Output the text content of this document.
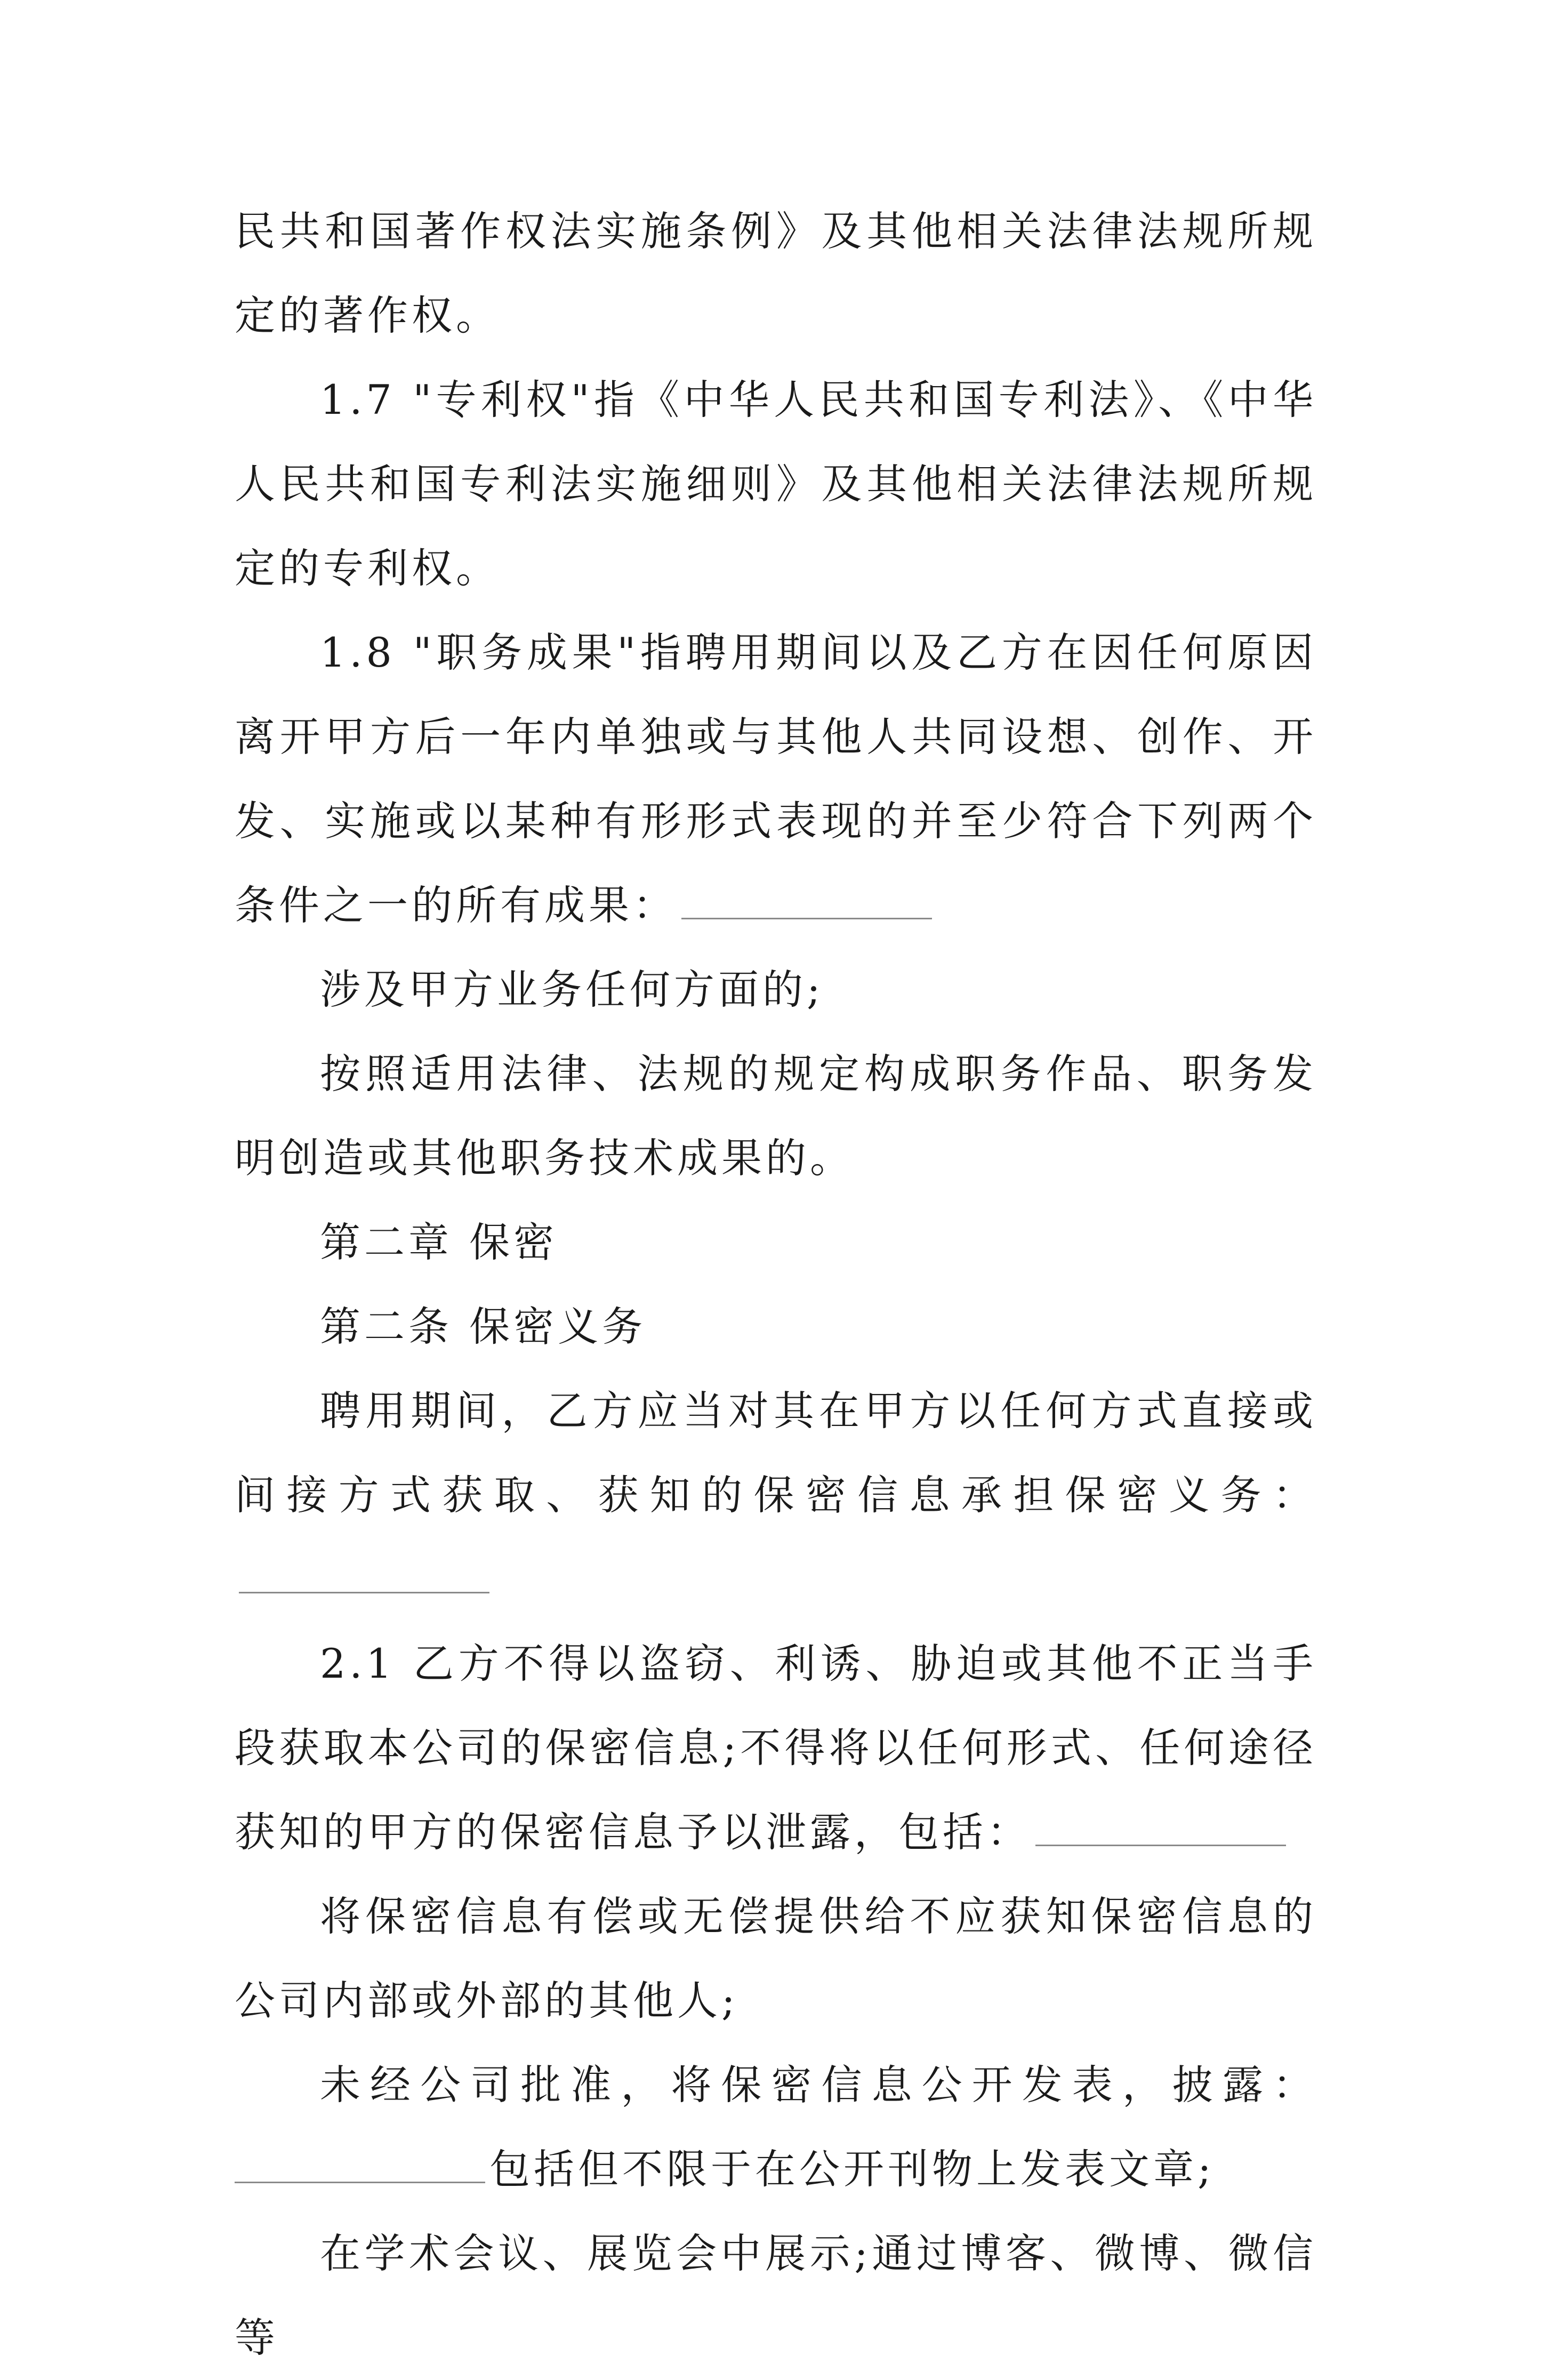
民共和国著作权法实施条例》及其他相关法律法规所规定的著作权。

1.7 "专利权"指《中华人民共和国专利法》、《中华人民共和国专利法实施细则》及其他相关法律法规所规定的专利权。

1.8 "职务成果"指聘用期间以及乙方在因任何原因离开甲方后一年内单独或与其他人共同设想、创作、开发、实施或以某种有形形式表现的并至少符合下列两个条件之一的所有成果：

涉及甲方业务任何方面的;

按照适用法律、法规的规定构成职务作品、职务发明创造或其他职务技术成果的。

第二章 保密

第二条 保密义务

聘用期间，乙方应当对其在甲方以任何方式直接或间接方式获取、获知的保密信息承担保密义务：

2.1 乙方不得以盗窃、利诱、胁迫或其他不正当手段获取本公司的保密信息;不得将以任何形式、任何途径获知的甲方的保密信息予以泄露，包括：

将保密信息有偿或无偿提供给不应获知保密信息的公司内部或外部的其他人;

未经公司批准，将保密信息公开发表，披露：

包括但不限于在公开刊物上发表文章;

在学术会议、展览会中展示;通过博客、微博、微信等
